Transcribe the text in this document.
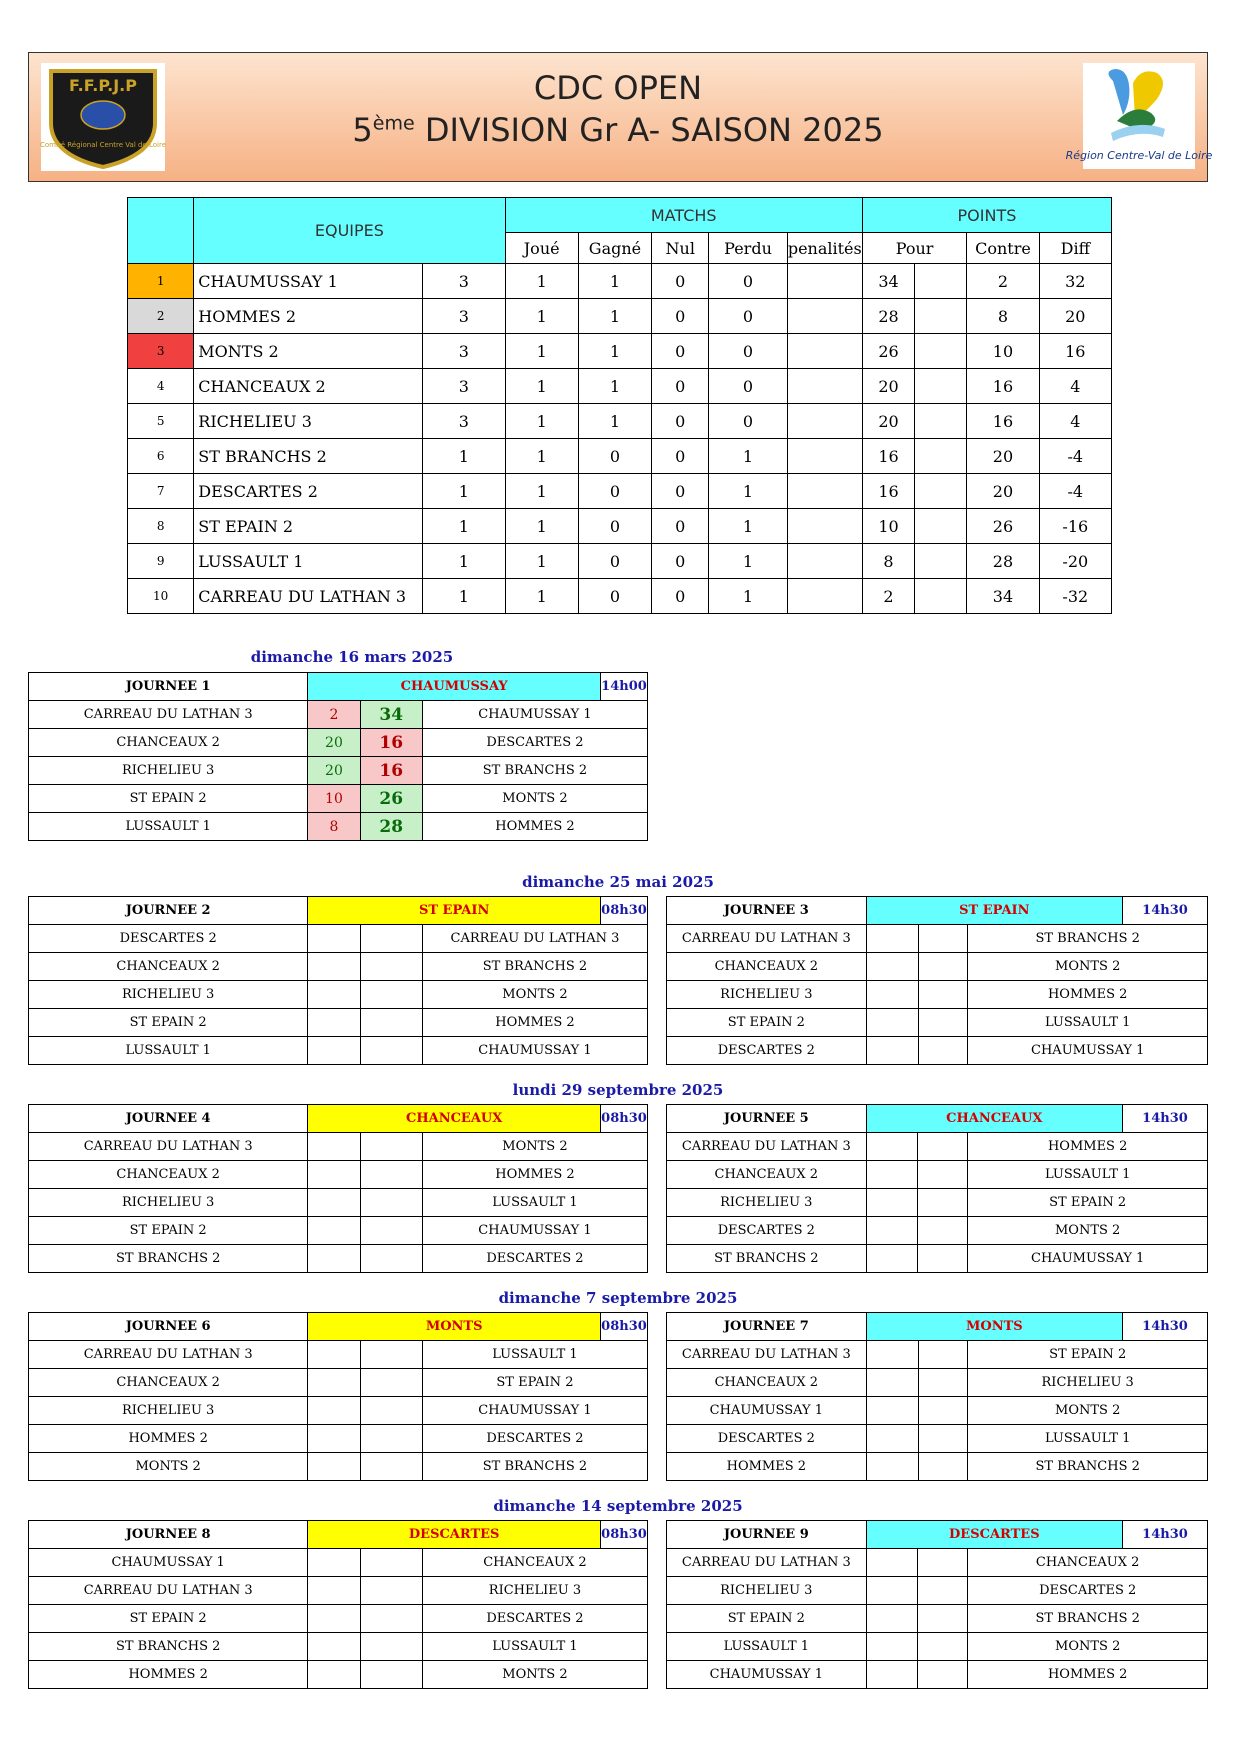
F.F.P.J.P
Comité Régional Centre Val de Loire
CDC OPEN
5ème DIVISION Gr A- SAISON 2025
Région Centre-Val de Loire
	EQUIPES		MATCHS					POINTS			
			Joué	Gagné	Nul	Perdu	penalités	Pour		Contre	Diff
1	CHAUMUSSAY 1	3	1	1	0	0		34		2	32
2	HOMMES 2	3	1	1	0	0		28		8	20
3	MONTS 2	3	1	1	0	0		26		10	16
4	CHANCEAUX 2	3	1	1	0	0		20		16	4
5	RICHELIEU 3	3	1	1	0	0		20		16	4
6	ST BRANCHS 2	1	1	0	0	1		16		20	-4
7	DESCARTES 2	1	1	0	0	1		16		20	-4
8	ST EPAIN 2	1	1	0	0	1		10		26	-16
9	LUSSAULT 1	1	1	0	0	1		8		28	-20
10	CARREAU DU LATHAN 3	1	1	0	0	1		2		34	-32
dimanche 16 mars 2025
dimanche 25 mai 2025
lundi 29 septembre 2025
dimanche 7 septembre 2025
dimanche 14 septembre 2025
JOURNEE 1	CHAUMUSSAY 14h00		

CARREAU DU LATHAN 3	2	34	CHAUMUSSAY 1
CHANCEAUX 2	20	16	DESCARTES 2
RICHELIEU 3	20	16	ST BRANCHS 2
ST EPAIN 2	10	26	MONTS 2
LUSSAULT 1	8	28	HOMMES 2
JOURNEE 2	ST EPAIN 08h30		

DESCARTES 2			CARREAU DU LATHAN 3
CHANCEAUX 2			ST BRANCHS 2
RICHELIEU 3			MONTS 2
ST EPAIN 2			HOMMES 2
LUSSAULT 1			CHAUMUSSAY 1
JOURNEE 3	ST EPAIN 14h30		

CARREAU DU LATHAN 3			ST BRANCHS 2
CHANCEAUX 2			MONTS 2
RICHELIEU 3			HOMMES 2
ST EPAIN 2			LUSSAULT 1
DESCARTES 2			CHAUMUSSAY 1
JOURNEE 4	CHANCEAUX 08h30		

CARREAU DU LATHAN 3			MONTS 2
CHANCEAUX 2			HOMMES 2
RICHELIEU 3			LUSSAULT 1
ST EPAIN 2			CHAUMUSSAY 1
ST BRANCHS 2			DESCARTES 2
JOURNEE 5	CHANCEAUX 14h30		

CARREAU DU LATHAN 3			HOMMES 2
CHANCEAUX 2			LUSSAULT 1
RICHELIEU 3			ST EPAIN 2
DESCARTES 2			MONTS 2
ST BRANCHS 2			CHAUMUSSAY 1
JOURNEE 6	MONTS 08h30		

CARREAU DU LATHAN 3			LUSSAULT 1
CHANCEAUX 2			ST EPAIN 2
RICHELIEU 3			CHAUMUSSAY 1
HOMMES 2			DESCARTES 2
MONTS 2			ST BRANCHS 2
JOURNEE 7	MONTS 14h30		

CARREAU DU LATHAN 3			ST EPAIN 2
CHANCEAUX 2			RICHELIEU 3
CHAUMUSSAY 1			MONTS 2
DESCARTES 2			LUSSAULT 1
HOMMES 2			ST BRANCHS 2
JOURNEE 8	DESCARTES 08h30		

CHAUMUSSAY 1			CHANCEAUX 2
CARREAU DU LATHAN 3			RICHELIEU 3
ST EPAIN 2			DESCARTES 2
ST BRANCHS 2			LUSSAULT 1
HOMMES 2			MONTS 2
JOURNEE 9	DESCARTES 14h30		

CARREAU DU LATHAN 3			CHANCEAUX 2
RICHELIEU 3			DESCARTES 2
ST EPAIN 2			ST BRANCHS 2
LUSSAULT 1			MONTS 2
CHAUMUSSAY 1			HOMMES 2
